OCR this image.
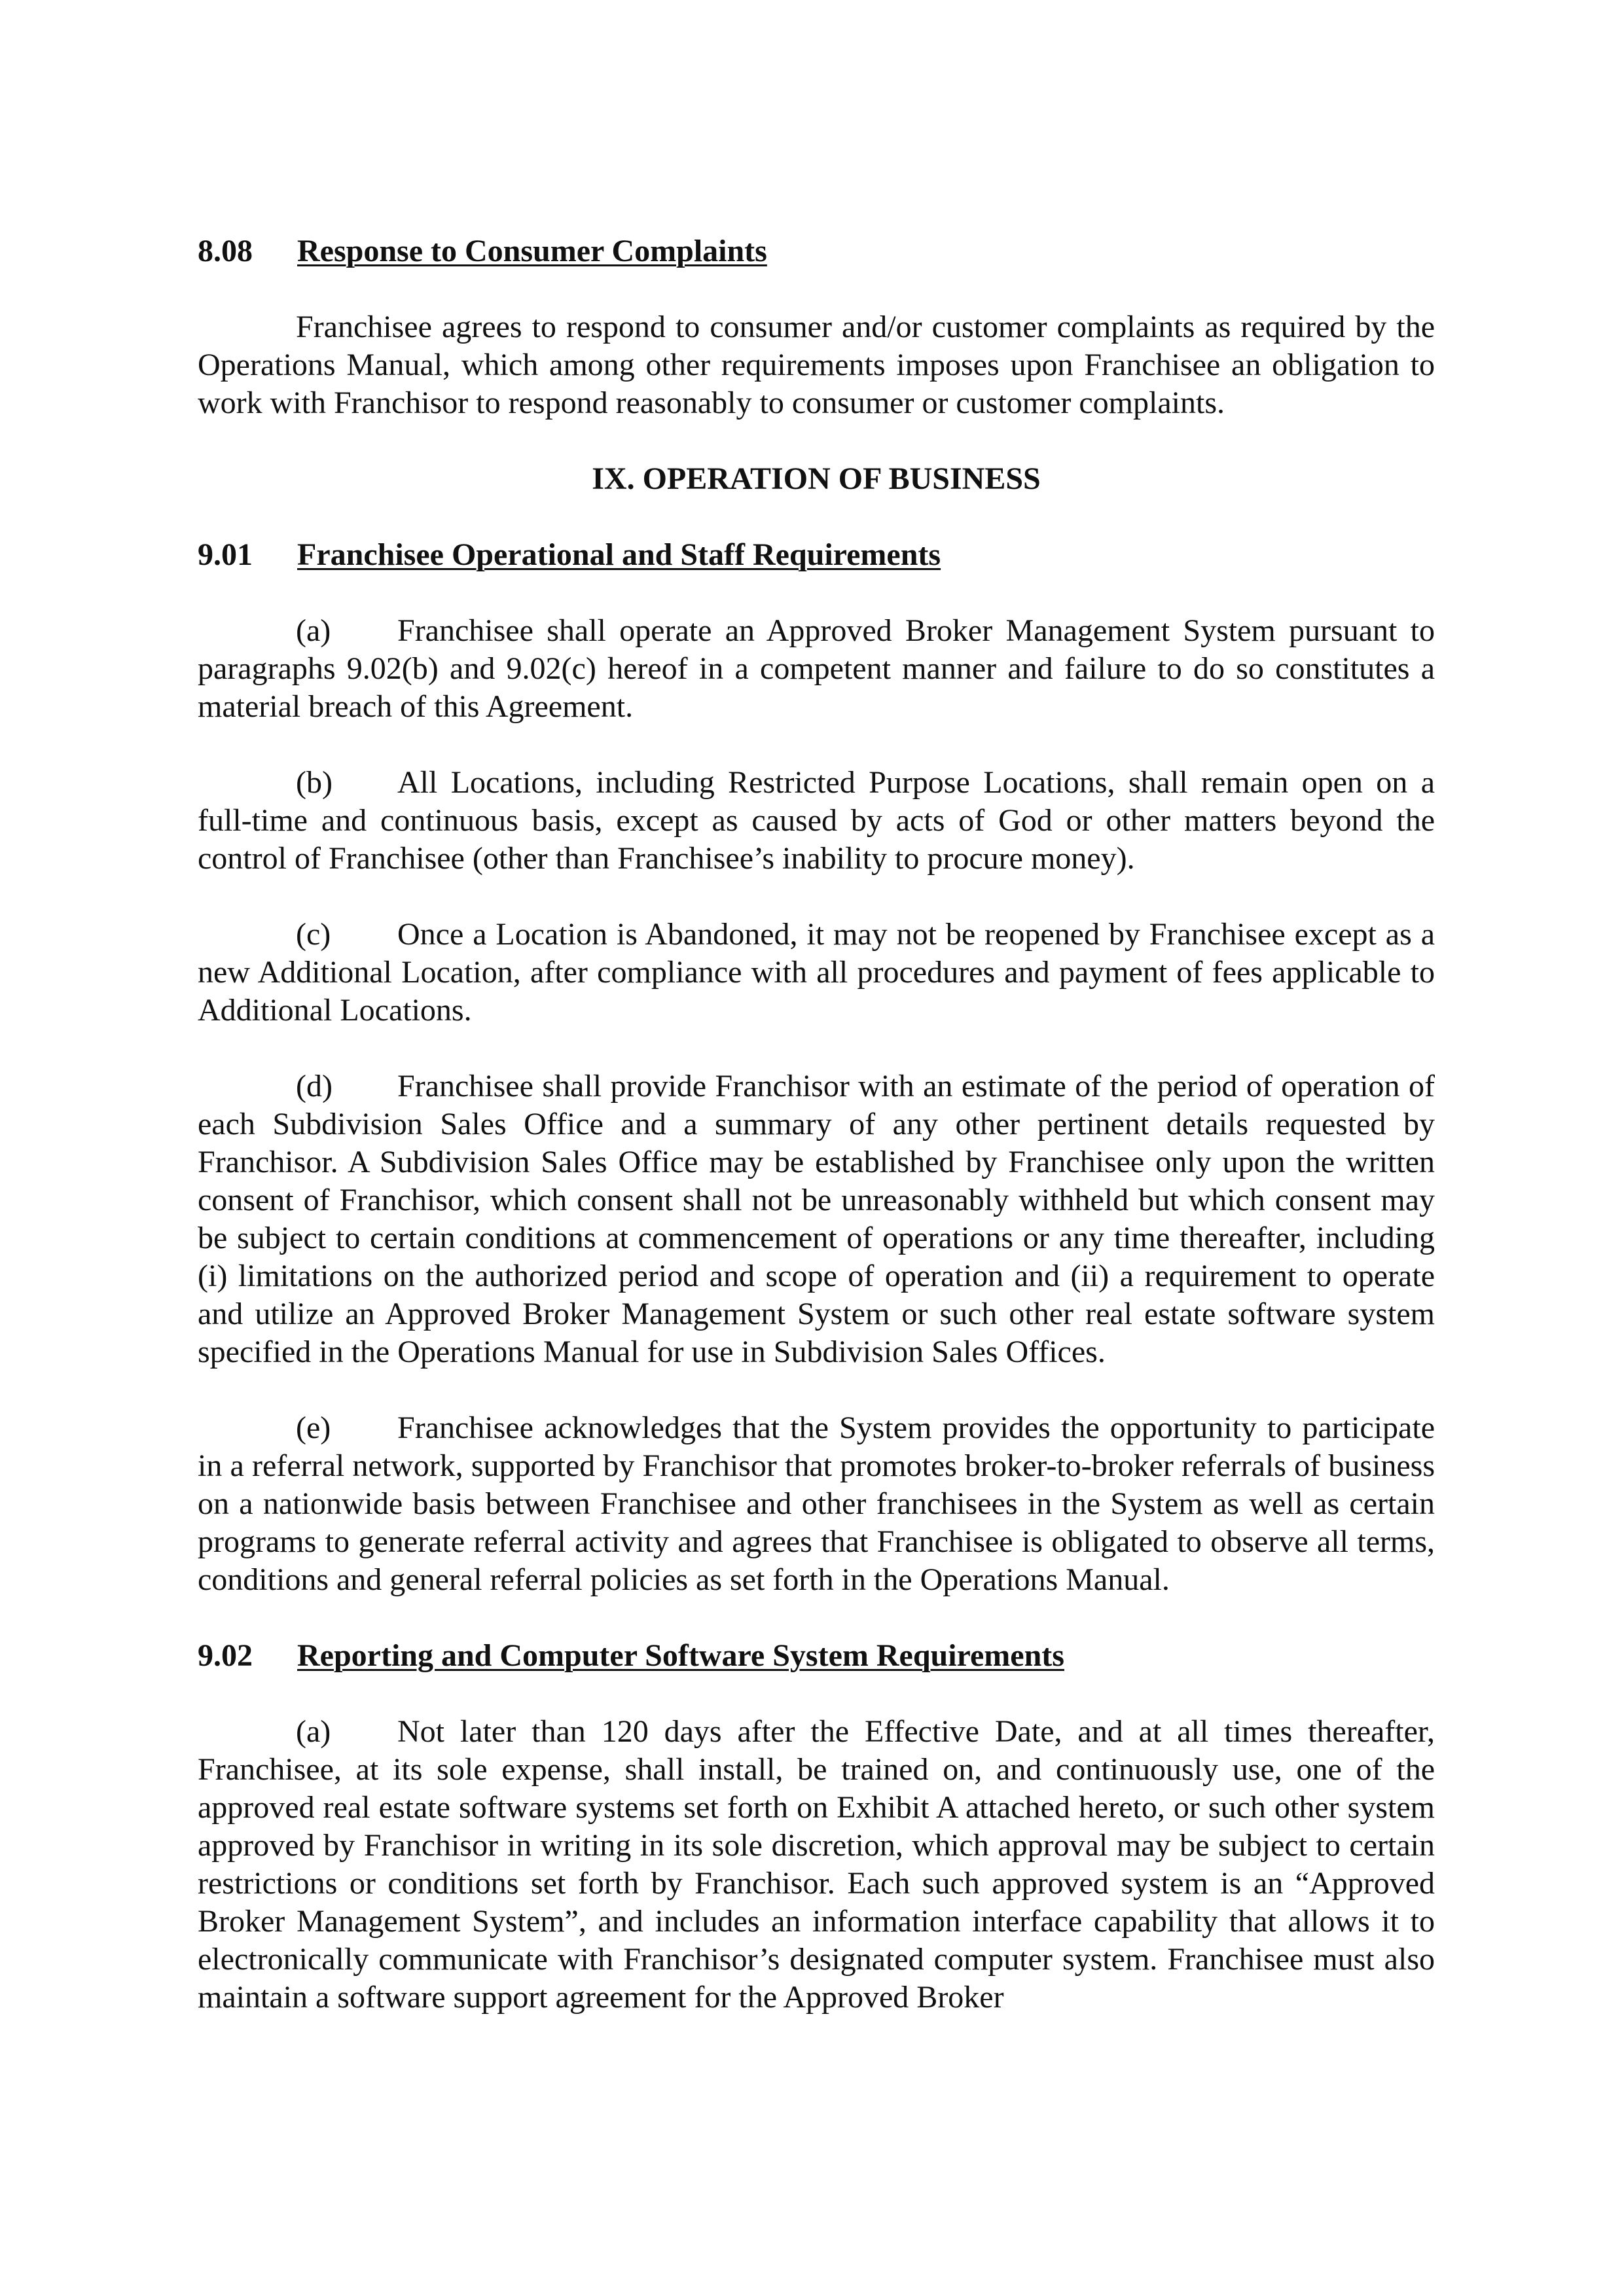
8.08 Response to Consumer Complaints

Franchisee agrees to respond to consumer and/or customer complaints as required by the Operations Manual, which among other requirements imposes upon Franchisee an obligation to work with Franchisor to respond reasonably to consumer or customer complaints.

IX. OPERATION OF BUSINESS
9.01 Franchisee Operational and Staff Requirements

(a) Franchisee shall operate an Approved Broker Management System pursuant to paragraphs 9.02(b) and 9.02(c) hereof in a competent manner and failure to do so constitutes a material breach of this Agreement.

(b) All Locations, including Restricted Purpose Locations, shall remain open on a full-time and continuous basis, except as caused by acts of God or other matters beyond the control of Franchisee (other than Franchisee’s inability to procure money).

(c) Once a Location is Abandoned, it may not be reopened by Franchisee except as a new Additional Location, after compliance with all procedures and payment of fees applicable to Additional Locations.

(d) Franchisee shall provide Franchisor with an estimate of the period of operation of each Subdivision Sales Office and a summary of any other pertinent details requested by Franchisor. A Subdivision Sales Office may be established by Franchisee only upon the written consent of Franchisor, which consent shall not be unreasonably withheld but which consent may be subject to certain conditions at commencement of operations or any time thereafter, including (i) limitations on the authorized period and scope of operation and (ii) a requirement to operate and utilize an Approved Broker Management System or such other real estate software system specified in the Operations Manual for use in Subdivision Sales Offices.

(e) Franchisee acknowledges that the System provides the opportunity to participate in a referral network, supported by Franchisor that promotes broker-to-broker referrals of business on a nationwide basis between Franchisee and other franchisees in the System as well as certain programs to generate referral activity and agrees that Franchisee is obligated to observe all terms, conditions and general referral policies as set forth in the Operations Manual.

9.02 Reporting and Computer Software System Requirements

(a) Not later than 120 days after the Effective Date, and at all times thereafter, Franchisee, at its sole expense, shall install, be trained on, and continuously use, one of the approved real estate software systems set forth on Exhibit A attached hereto, or such other system approved by Franchisor in writing in its sole discretion, which approval may be subject to certain restrictions or conditions set forth by Franchisor. Each such approved system is an “Approved Broker Management System”, and includes an information interface capability that allows it to electronically communicate with Franchisor’s designated computer system. Franchisee must also maintain a software support agreement for the Approved Broker
